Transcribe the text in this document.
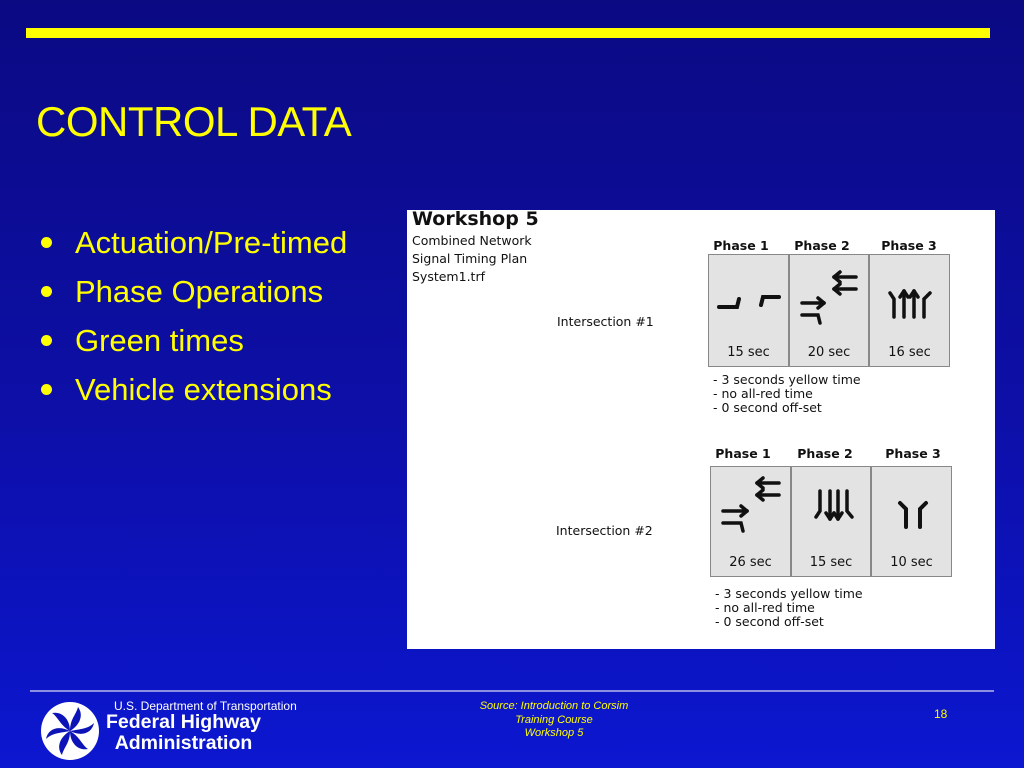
CONTROL DATA
Actuation/Pre-timed
Phase Operations
Green times
Vehicle extensions
Workshop 5
Combined Network
Signal Timing Plan
System1.trf
Intersection #1
Phase 1	Phase 2	Phase 3
15 sec	20 sec	16 sec
- 3 seconds yellow time
- no all-red time
- 0 second off-set
Intersection #2
Phase 1	Phase 2	Phase 3
26 sec	15 sec	10 sec
- 3 seconds yellow time
- no all-red time
- 0 second off-set
U.S. Department of Transportation
Federal Highway
Administration
Source: Introduction to Corsim
Training Course
Workshop 5
18
